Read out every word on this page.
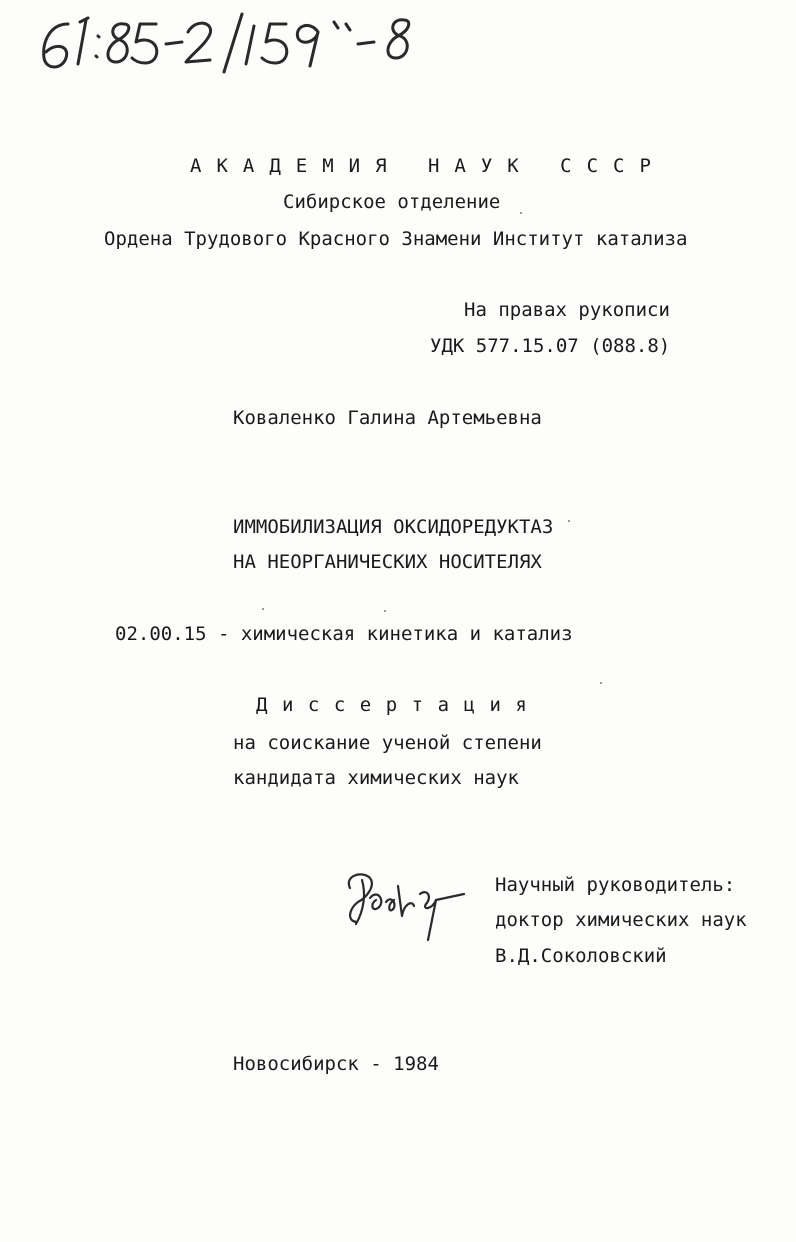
АКАДЕМИЯ НАУК СССР
Сибирское отделение
Ордена Трудового Красного Знамени Институт катализа
На правах рукописи
УДК 577.15.07 (088.8)
Коваленко Галина Артемьевна
ИММОБИЛИЗАЦИЯ ОКСИДОРЕДУКТАЗ
НА НЕОРГАНИЧЕСКИХ НОСИТЕЛЯХ
02.00.15 - химическая кинетика и катализ
Диссертация
на соискание ученой степени
кандидата химических наук
Научный руководитель:
доктор химических наук
В.Д.Соколовский
Новосибирск - 1984
